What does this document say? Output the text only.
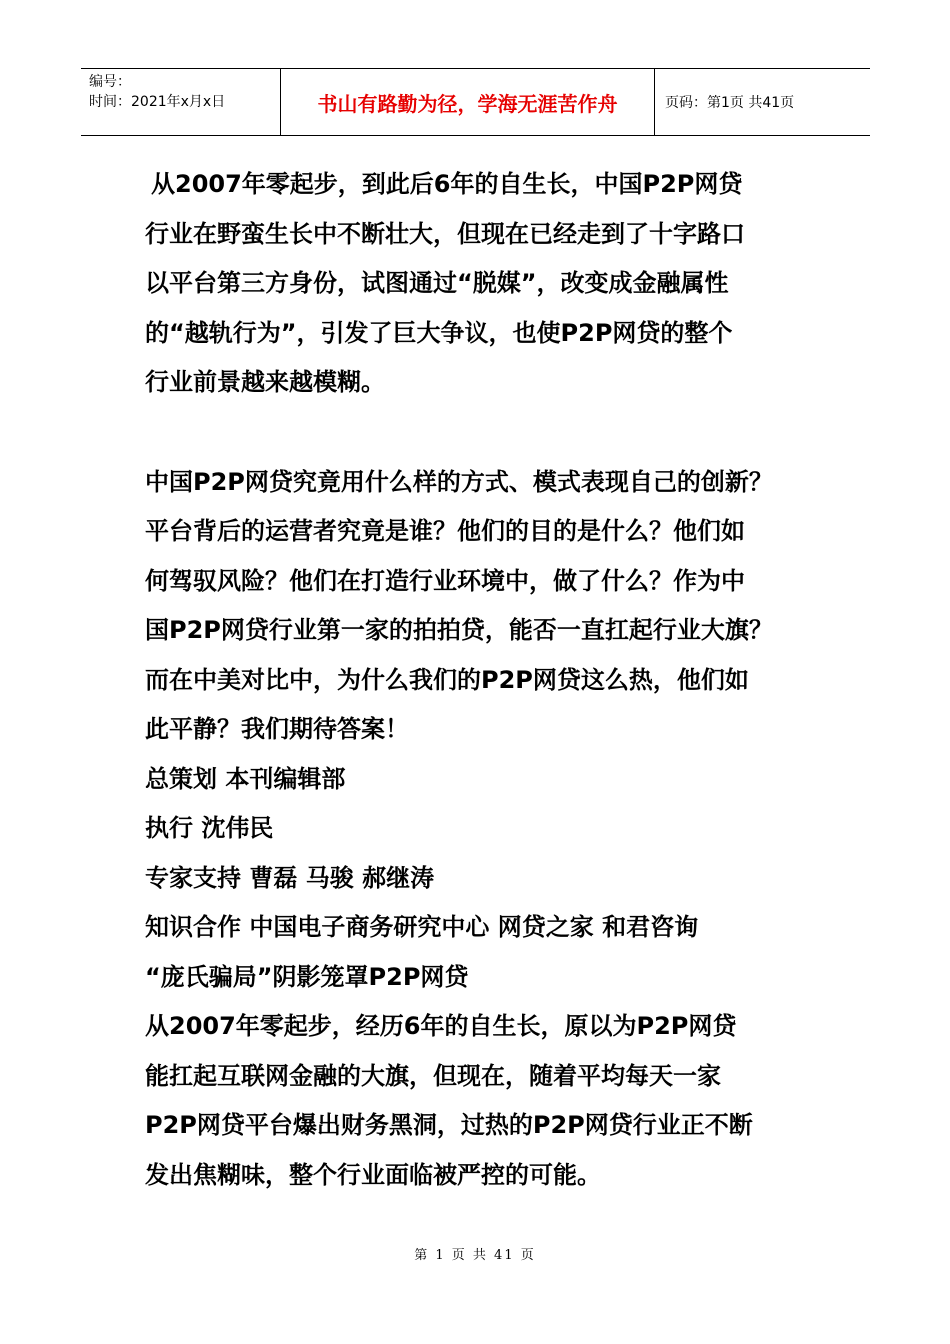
编号：
时间：2021年x月x日	书山有路勤为径，学海无涯苦作舟	页码：第1页 共41页

从2007年零起步，到此后6年的自生长，中国P2P网贷

行业在野蛮生长中不断壮大，但现在已经走到了十字路口

以平台第三方身份，试图通过“脱媒”，改变成金融属性

的“越轨行为”，引发了巨大争议，也使P2P网贷的整个

行业前景越来越模糊。

中国P2P网贷究竟用什么样的方式、模式表现自己的创新？

平台背后的运营者究竟是谁？他们的目的是什么？他们如

何驾驭风险？他们在打造行业环境中，做了什么？作为中

国P2P网贷行业第一家的拍拍贷，能否一直扛起行业大旗？

而在中美对比中，为什么我们的P2P网贷这么热，他们如

此平静？我们期待答案！

总策划 本刊编辑部

执行 沈伟民

专家支持 曹磊 马骏 郝继涛

知识合作 中国电子商务研究中心 网贷之家 和君咨询

“庞氏骗局”阴影笼罩P2P网贷

从2007年零起步，经历6年的自生长，原以为P2P网贷

能扛起互联网金融的大旗，但现在，随着平均每天一家

P2P网贷平台爆出财务黑洞，过热的P2P网贷行业正不断

发出焦糊味，整个行业面临被严控的可能。

第 1 页 共 41 页
